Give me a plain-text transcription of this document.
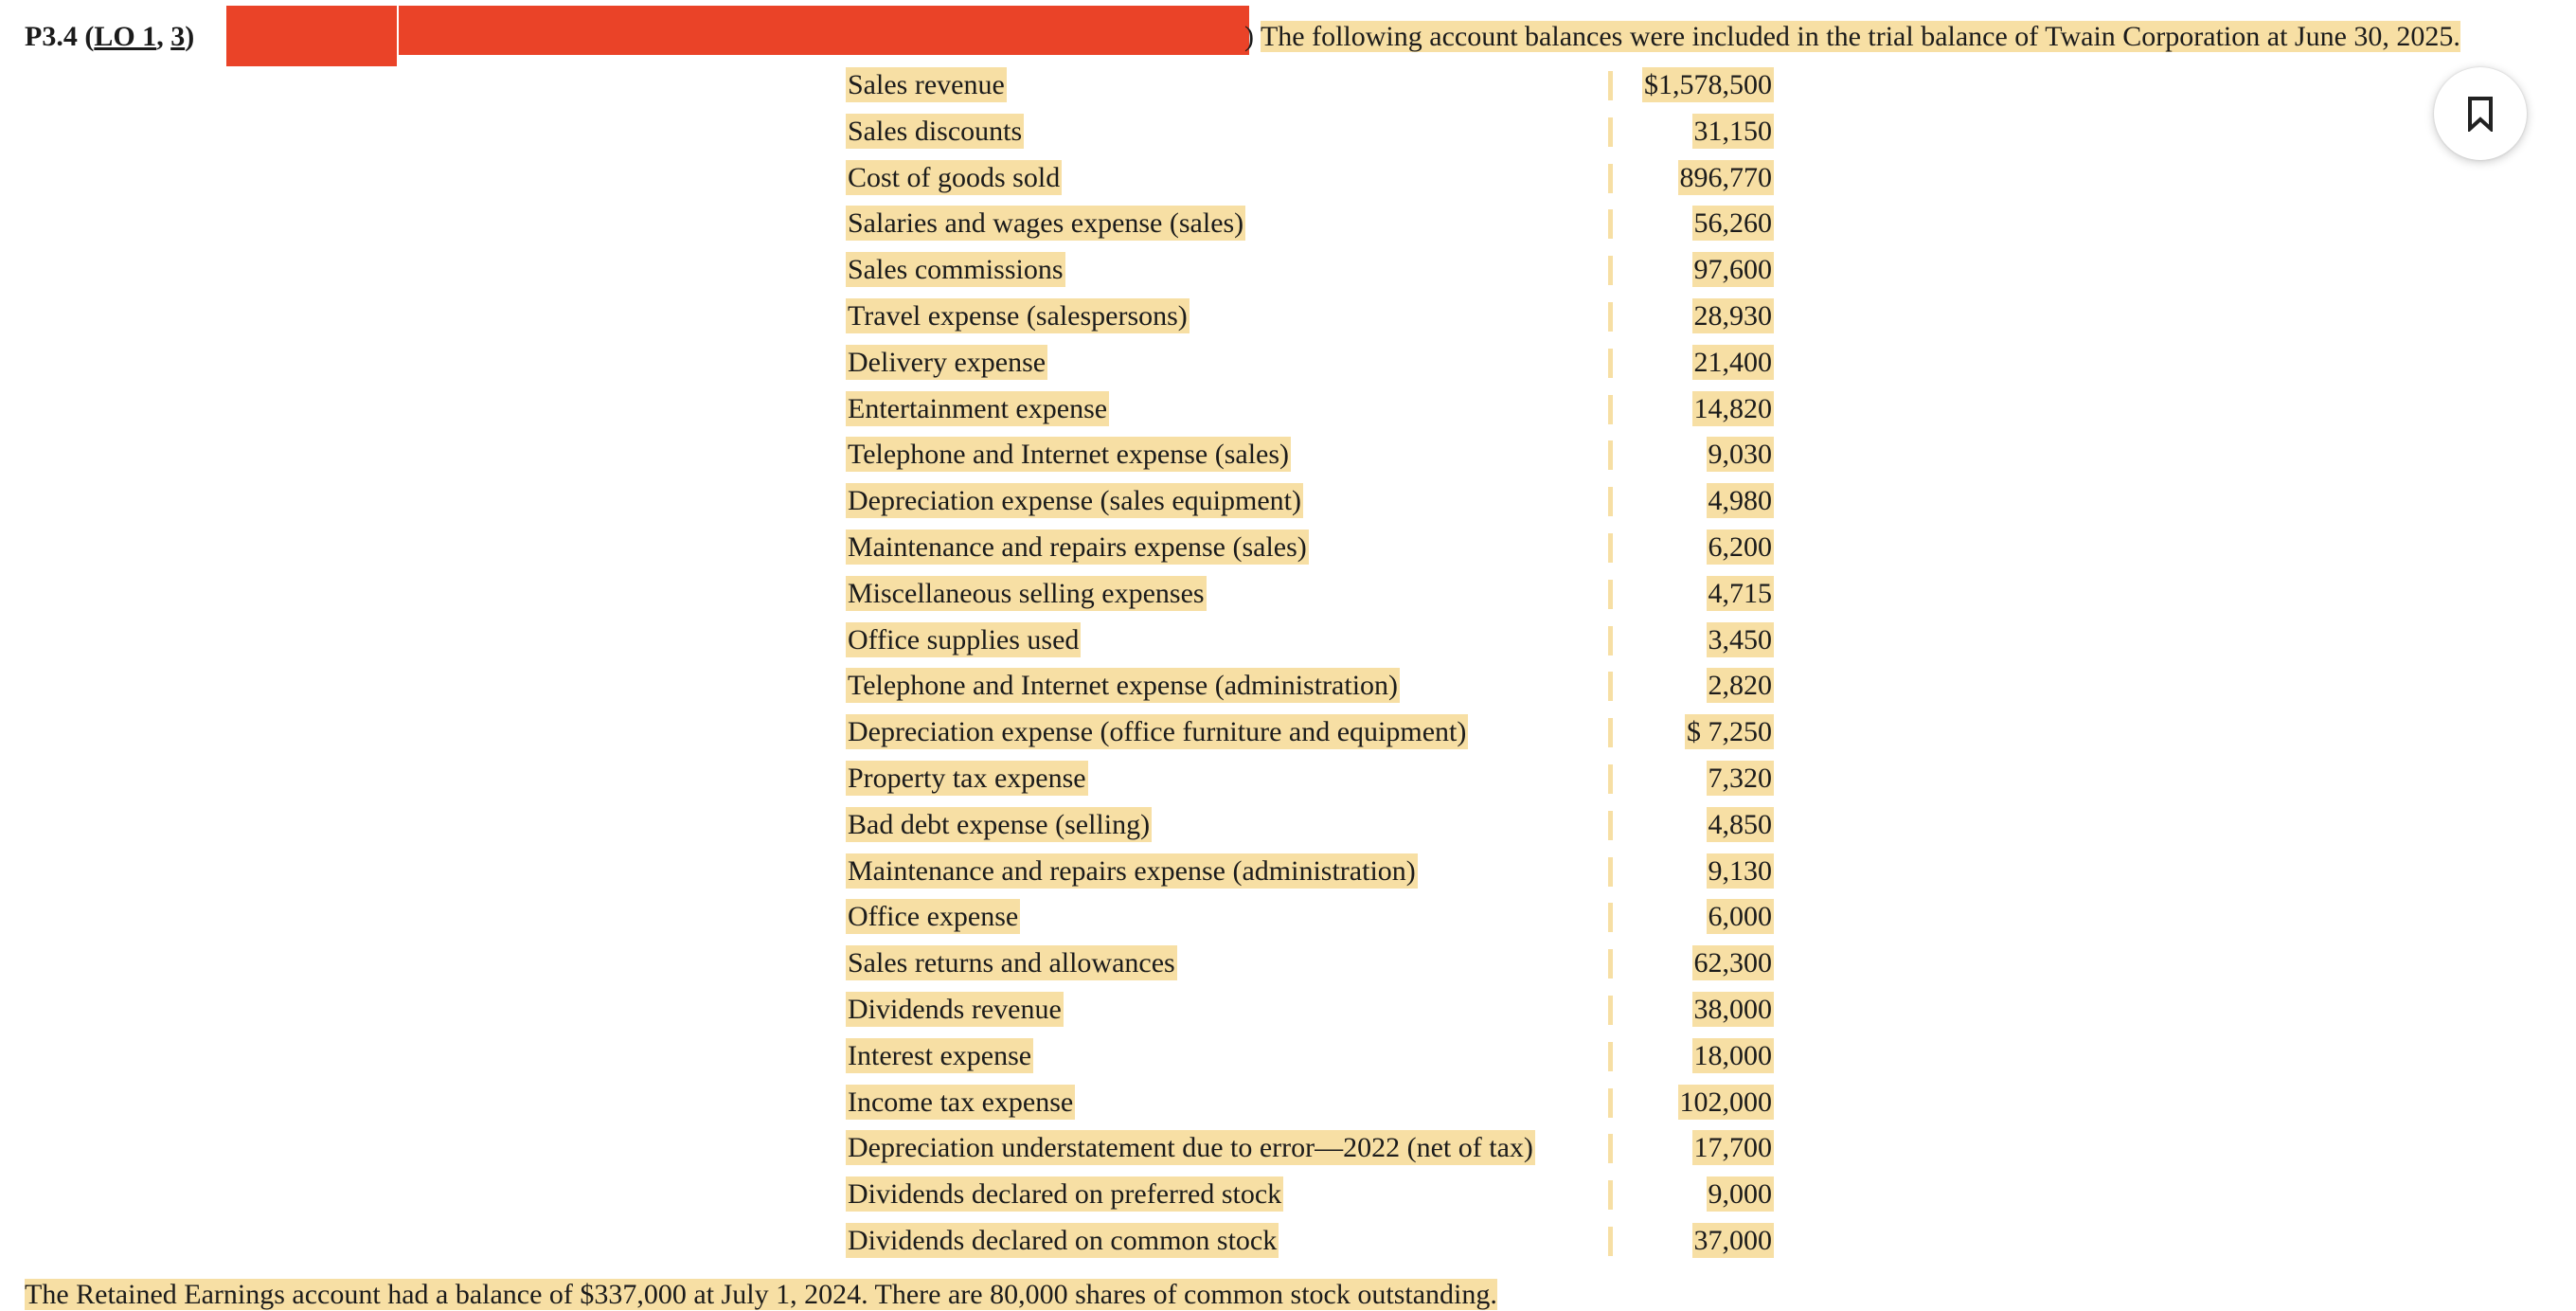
P3.4 (LO 1, 3)	) The following account balances were included in the trial balance of Twain Corporation at June 30, 2025.
Sales revenue	$1,578,500
Sales discounts	31,150
Cost of goods sold	896,770
Salaries and wages expense (sales)	56,260
Sales commissions	97,600
Travel expense (salespersons)	28,930
Delivery expense	21,400
Entertainment expense	14,820
Telephone and Internet expense (sales)	9,030
Depreciation expense (sales equipment)	4,980
Maintenance and repairs expense (sales)	6,200
Miscellaneous selling expenses	4,715
Office supplies used	3,450
Telephone and Internet expense (administration)	2,820
Depreciation expense (office furniture and equipment)	$ 7,250
Property tax expense	7,320
Bad debt expense (selling)	4,850
Maintenance and repairs expense (administration)	9,130
Office expense	6,000
Sales returns and allowances	62,300
Dividends revenue	38,000
Interest expense	18,000
Income tax expense	102,000
Depreciation understatement due to error—2022 (net of tax)	17,700
Dividends declared on preferred stock	9,000
Dividends declared on common stock	37,000
The Retained Earnings account had a balance of $337,000 at July 1, 2024. There are 80,000 shares of common stock outstanding.
